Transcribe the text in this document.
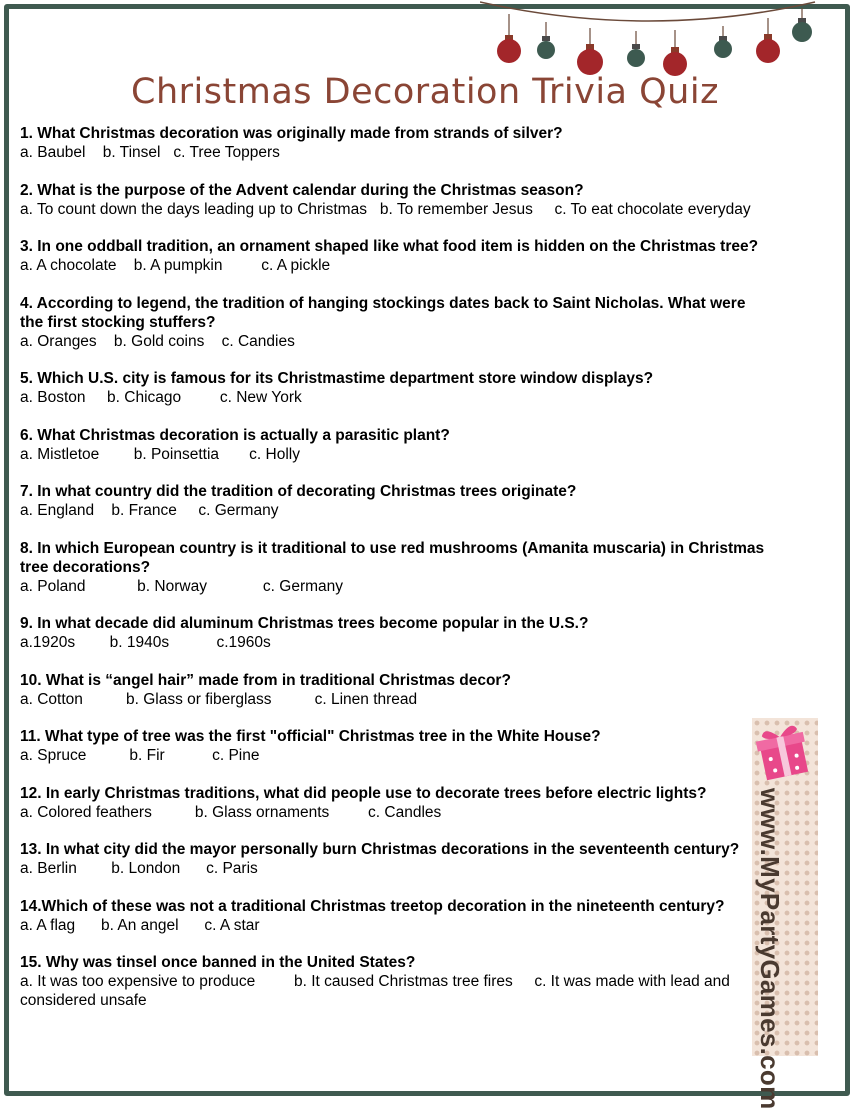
Christmas Decoration Trivia Quiz
1. What Christmas decoration was originally made from strands of silver?
a. Baubel    b. Tinsel   c. Tree Toppers
2. What is the purpose of the Advent calendar during the Christmas season?
a. To count down the days leading up to Christmas   b. To remember Jesus     c. To eat chocolate everyday
3. In one oddball tradition, an ornament shaped like what food item is hidden on the Christmas tree?
a. A chocolate    b. A pumpkin         c. A pickle
4. According to legend, the tradition of hanging stockings dates back to Saint Nicholas. What were the first stocking stuffers?
a. Oranges    b. Gold coins    c. Candies
5. Which U.S. city is famous for its Christmastime department store window displays?
a. Boston     b. Chicago         c. New York
6. What Christmas decoration is actually a parasitic plant?
a. Mistletoe        b. Poinsettia       c. Holly
7. In what country did the tradition of decorating Christmas trees originate?
a. England    b. France     c. Germany
8. In which European country is it traditional to use red mushrooms (Amanita muscaria) in Christmas tree decorations?
a. Poland            b. Norway             c. Germany
9. In what decade did aluminum Christmas trees become popular in the U.S.?
a.1920s        b. 1940s           c.1960s
10. What is “angel hair” made from in traditional Christmas decor?
a. Cotton          b. Glass or fiberglass          c. Linen thread
11. What type of tree was the first "official" Christmas tree in the White House?
a. Spruce          b. Fir           c. Pine
12. In early Christmas traditions, what did people use to decorate trees before electric lights?
a. Colored feathers          b. Glass ornaments         c. Candles
13. In what city did the mayor personally burn Christmas decorations in the seventeenth century?
a. Berlin        b. London      c. Paris
14.Which of these was not a traditional Christmas treetop decoration in the nineteenth century?
a. A flag      b. An angel      c. A star
15. Why was tinsel once banned in the United States?
a. It was too expensive to produce         b. It caused Christmas tree fires     c. It was made with lead and considered unsafe	www.MyPartyGames.com
